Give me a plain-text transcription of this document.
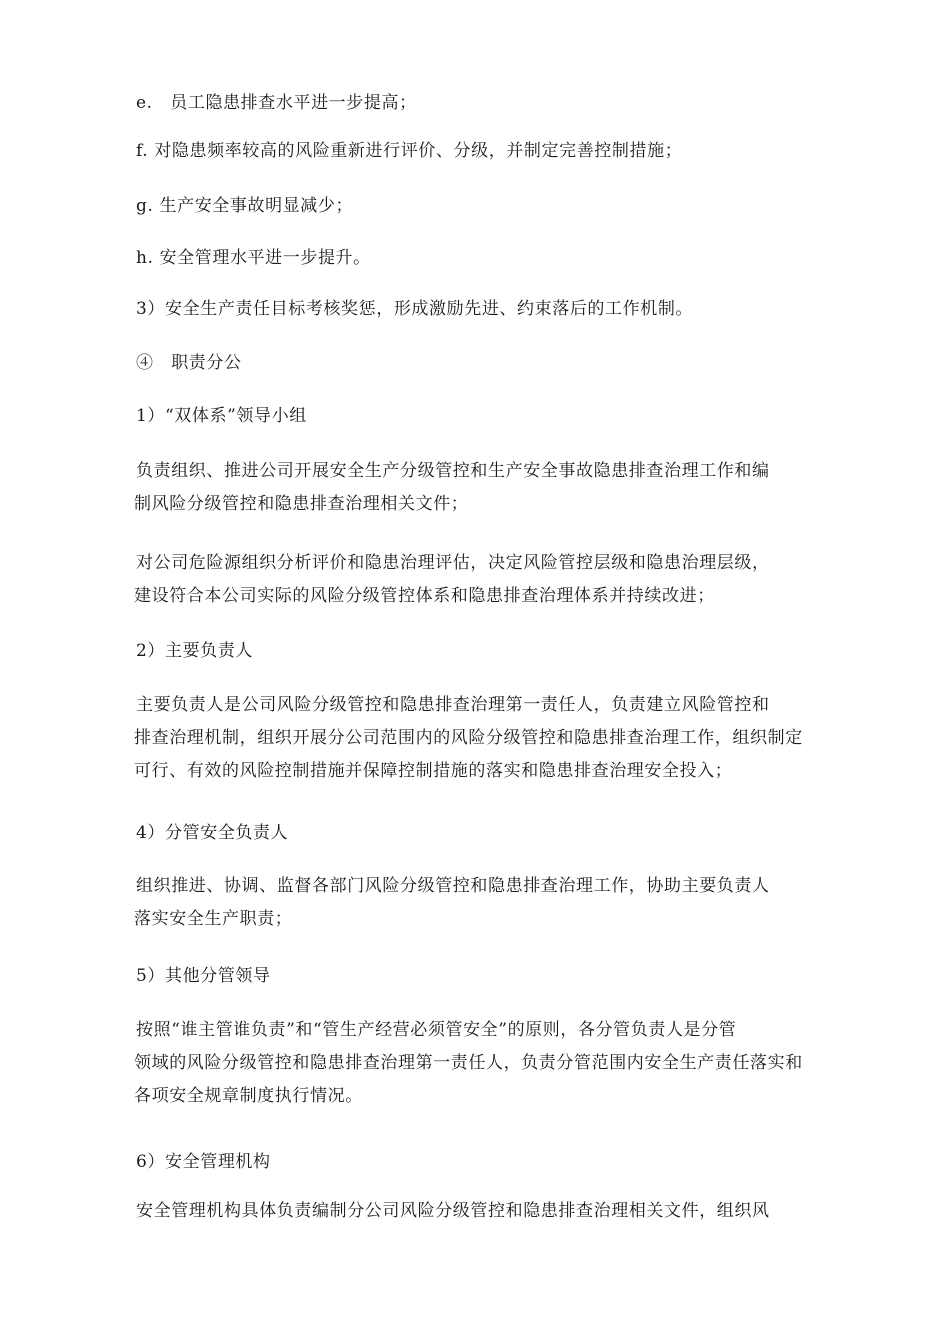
e.　员工隐患排查水平进一步提高；
f. 对隐患频率较高的风险重新进行评价、分级，并制定完善控制措施；
g. 生产安全事故明显减少；
h. 安全管理水平进一步提升。
3）安全生产责任目标考核奖惩，形成激励先进、约束落后的工作机制。
④　职责分公
1）“双体系”领导小组
负责组织、推进公司开展安全生产分级管控和生产安全事故隐患排查治理工作和编
制风险分级管控和隐患排查治理相关文件；
对公司危险源组织分析评价和隐患治理评估，决定风险管控层级和隐患治理层级，
建设符合本公司实际的风险分级管控体系和隐患排查治理体系并持续改进；
2）主要负责人
主要负责人是公司风险分级管控和隐患排查治理第一责任人，负责建立风险管控和
排查治理机制，组织开展分公司范围内的风险分级管控和隐患排查治理工作，组织制定
可行、有效的风险控制措施并保障控制措施的落实和隐患排查治理安全投入；
4）分管安全负责人
组织推进、协调、监督各部门风险分级管控和隐患排查治理工作，协助主要负责人
落实安全生产职责；
5）其他分管领导
按照“谁主管谁负责”和“管生产经营必须管安全”的原则，各分管负责人是分管
领域的风险分级管控和隐患排查治理第一责任人，负责分管范围内安全生产责任落实和
各项安全规章制度执行情况。
6）安全管理机构
安全管理机构具体负责编制分公司风险分级管控和隐患排查治理相关文件，组织风
